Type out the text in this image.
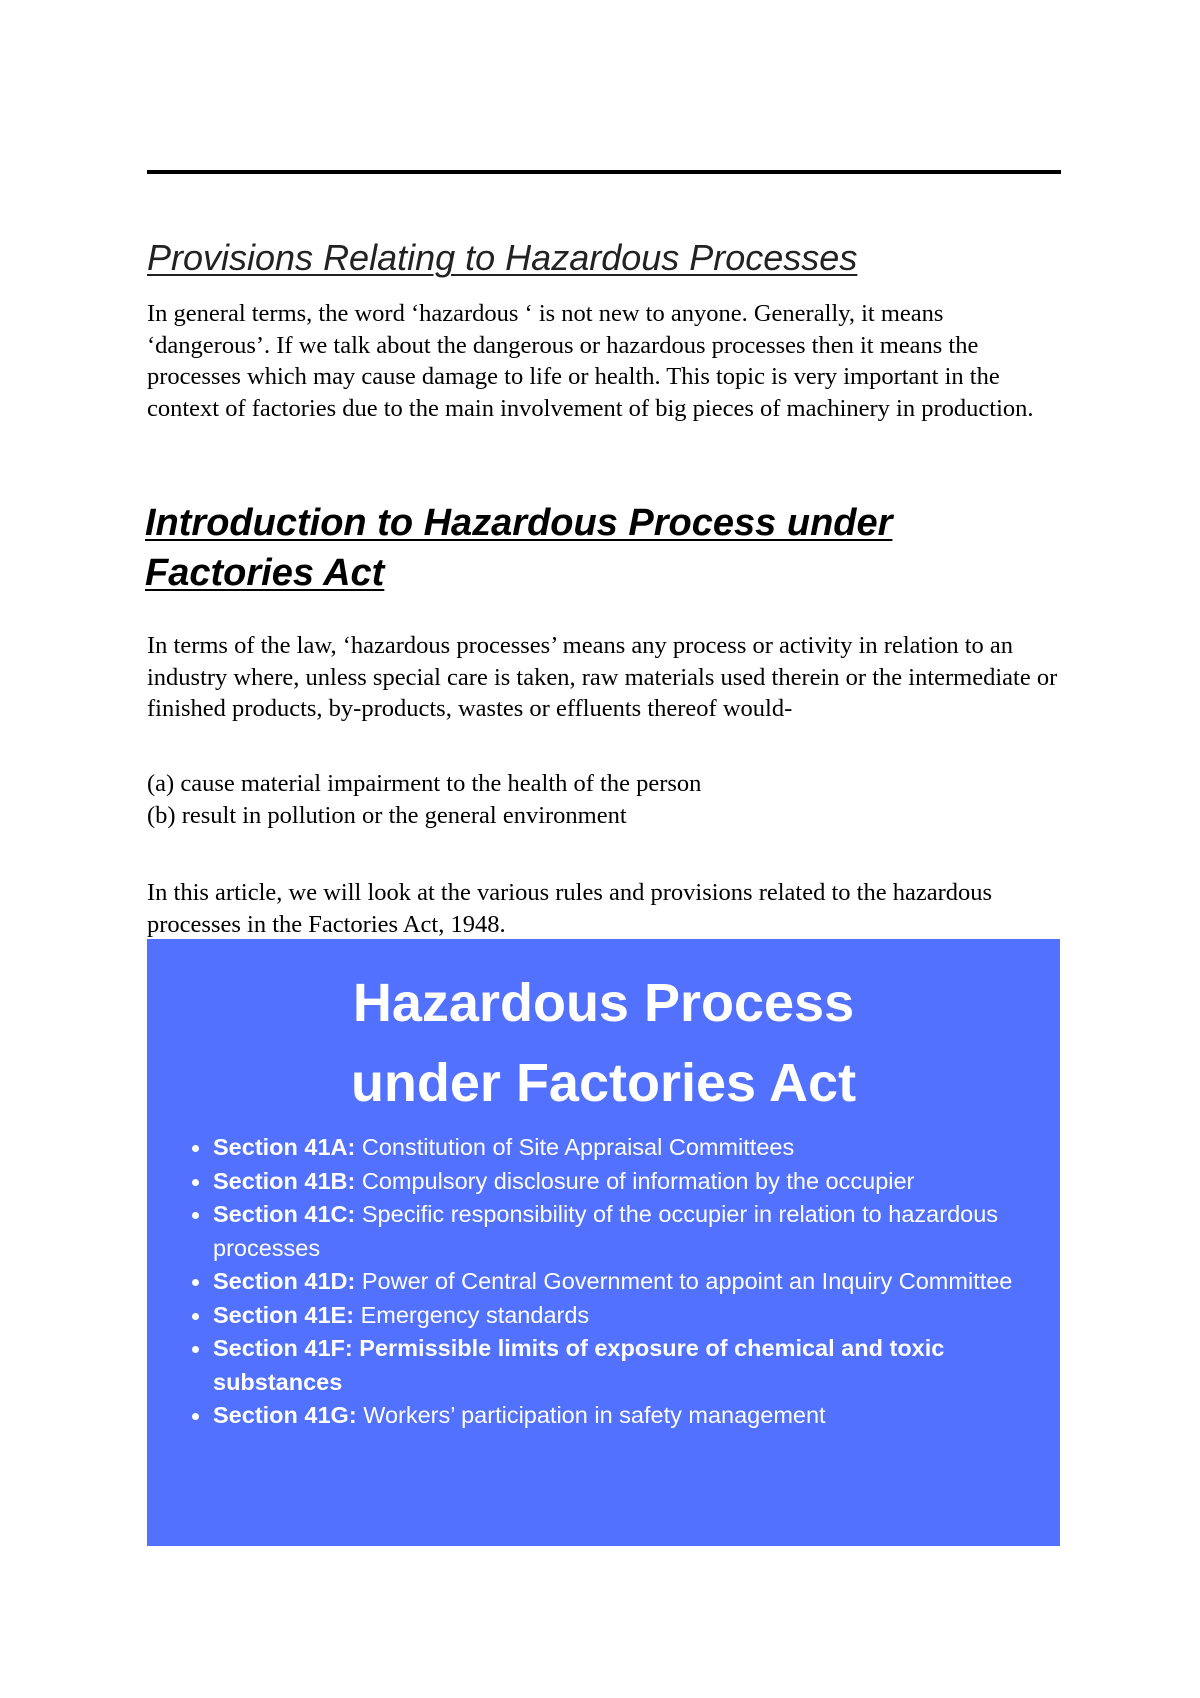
Provisions Relating to Hazardous Processes

In general terms, the word ‘hazardous ‘ is not new to anyone. Generally, it means ‘dangerous’. If we talk about the dangerous or hazardous processes then it means the processes which may cause damage to life or health. This topic is very important in the context of factories due to the main involvement of big pieces of machinery in production.

Introduction to Hazardous Process under Factories Act

In terms of the law, ‘hazardous processes’ means any process or activity in relation to an industry where, unless special care is taken, raw materials used therein or the intermediate or finished products, by-products, wastes or effluents thereof would-

(a) cause material impairment to the health of the person
(b) result in pollution or the general environment

In this article, we will look at the various rules and provisions related to the hazardous processes in the Factories Act, 1948.

Hazardous Process
under Factories Act
Section 41A: Constitution of Site Appraisal Committees
Section 41B: Compulsory disclosure of information by the occupier
Section 41C: Specific responsibility of the occupier in relation to hazardous processes
Section 41D: Power of Central Government to appoint an Inquiry Committee
Section 41E: Emergency standards
Section 41F: Permissible limits of exposure of chemical and toxic substances
Section 41G: Workers’ participation in safety management
